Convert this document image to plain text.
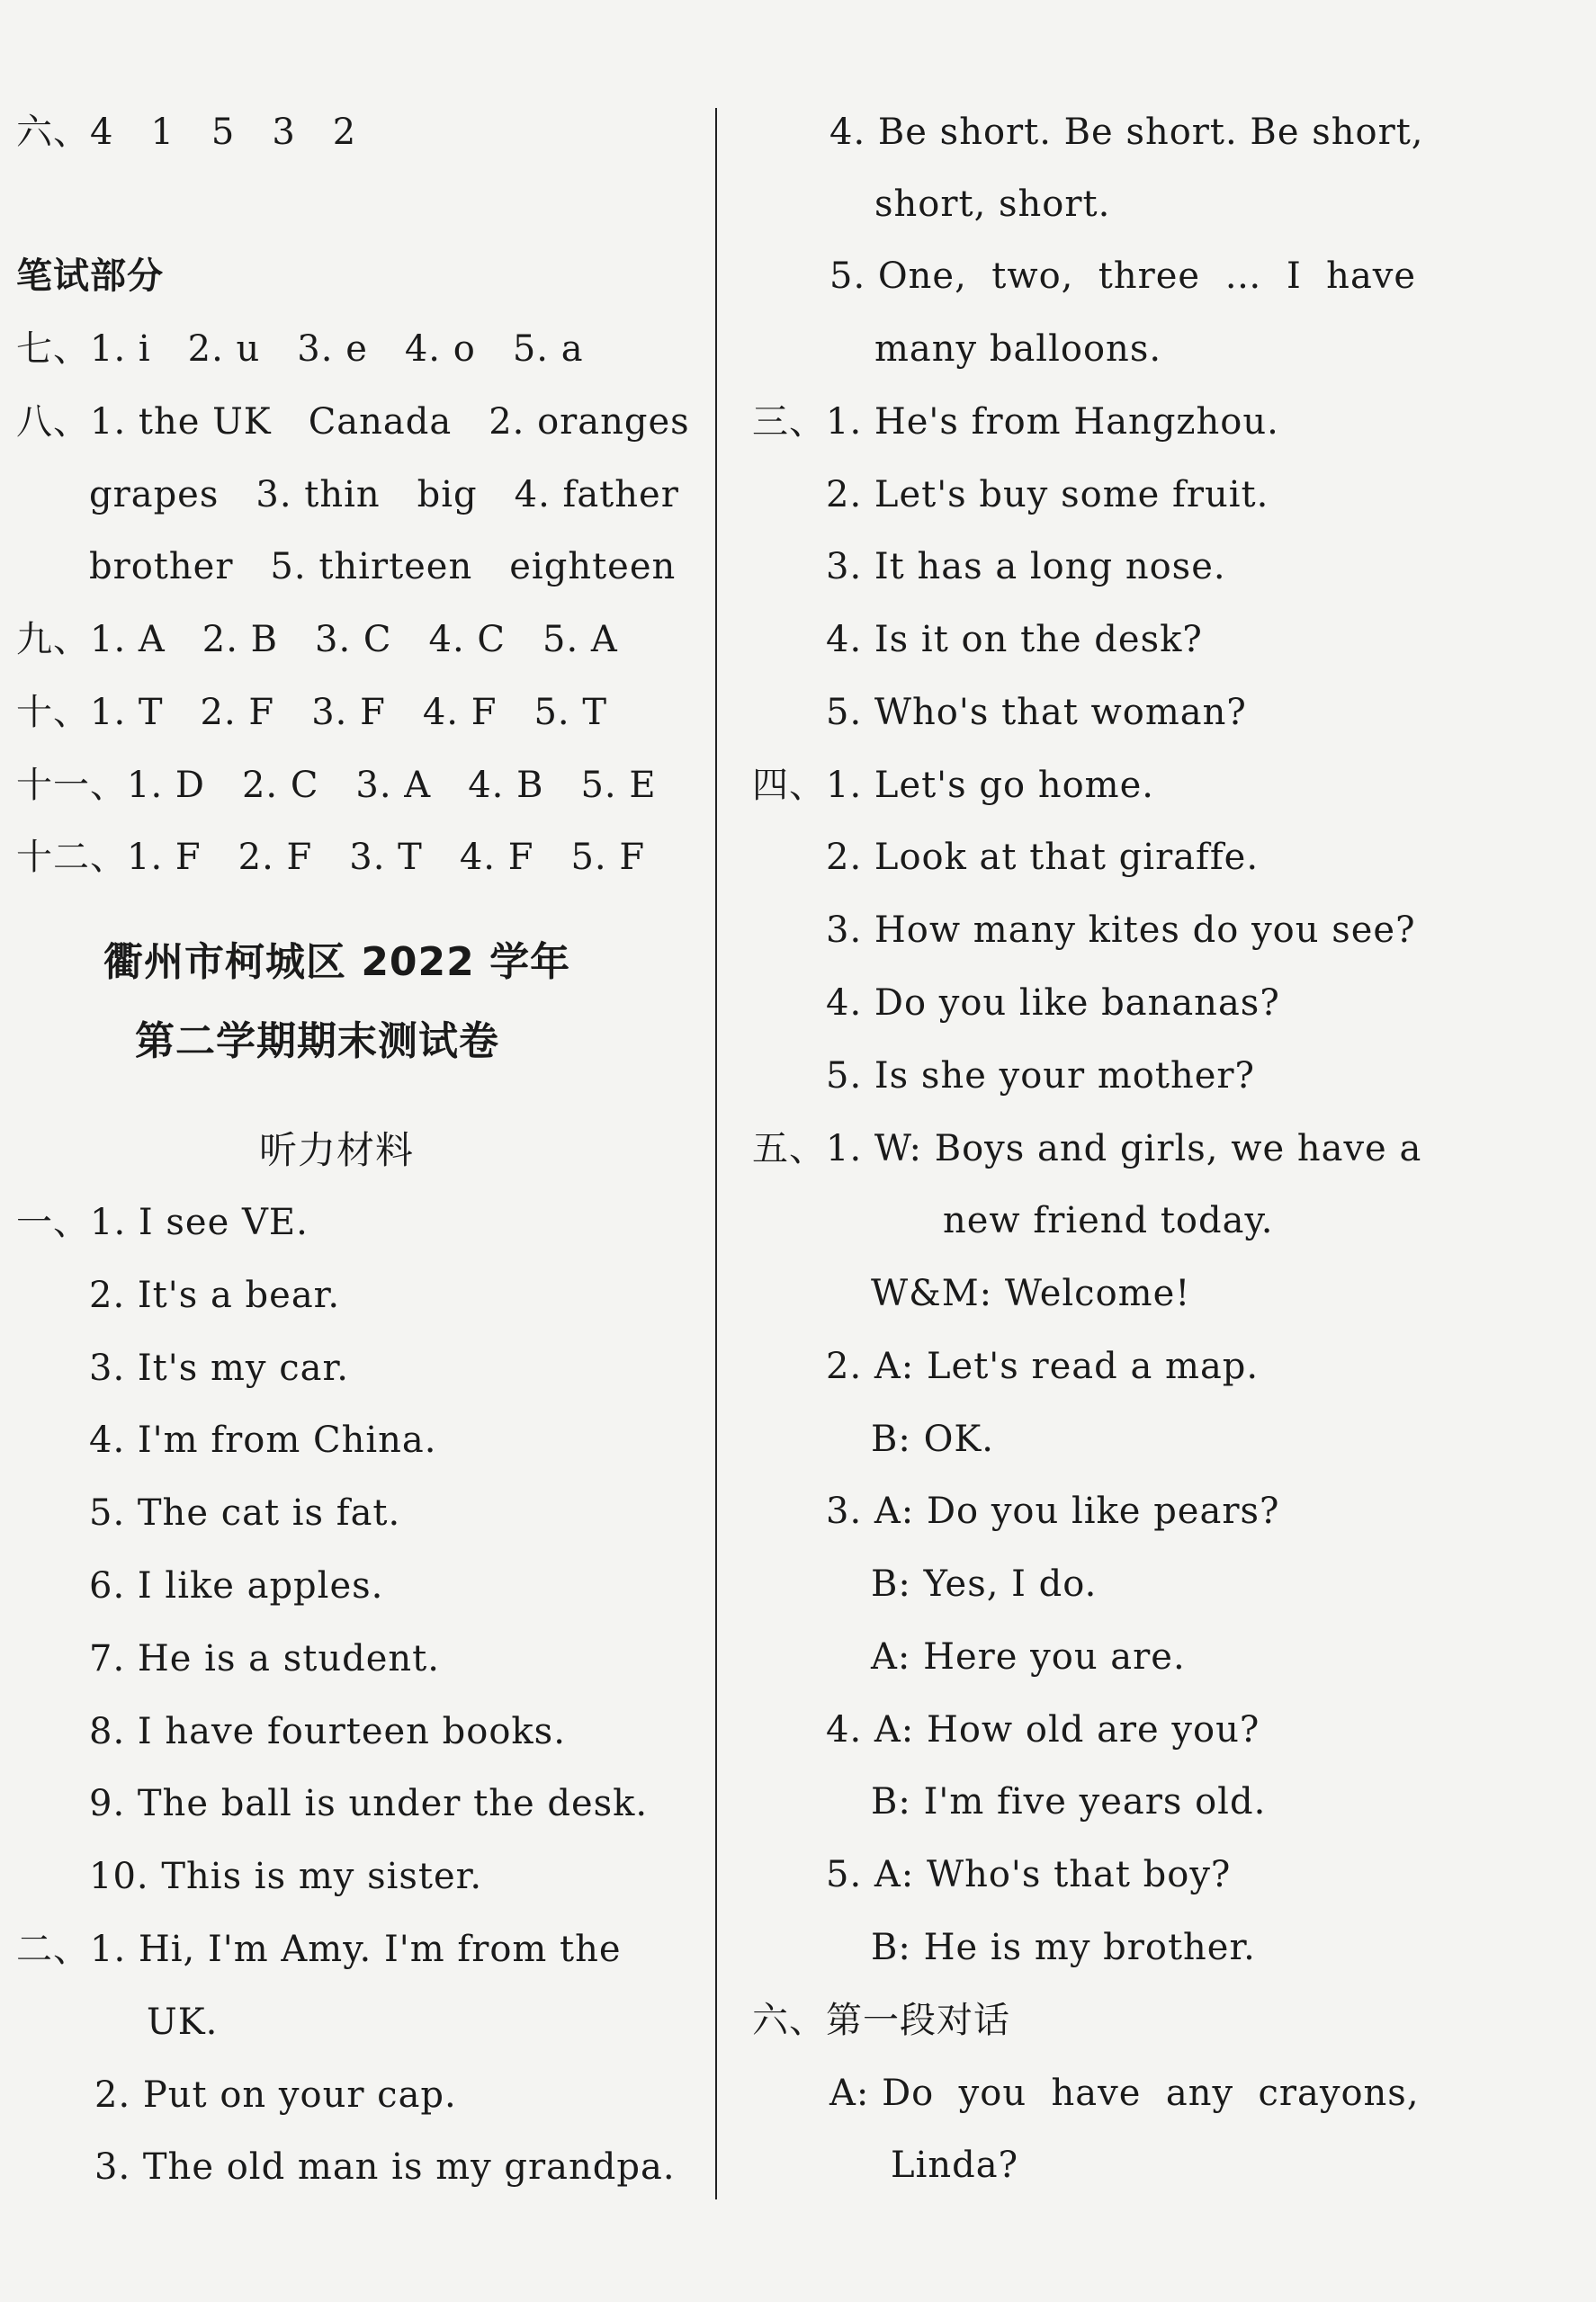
六、4　1　5　3　2
笔试部分
七、1. i　2. u　3. e　4. o　5. a
八、1. the UK　Canada　2. oranges
grapes　3. thin　big　4. father
brother　5. thirteen　eighteen
九、1. A　2. B　3. C　4. C　5. A
十、1. T　2. F　3. F　4. F　5. T
十一、1. D　2. C　3. A　4. B　5. E
十二、1. F　2. F　3. T　4. F　5. F
衢州市柯城区 2022 学年
第二学期期末测试卷
听力材料
一、1. I see VE.
2. It's a bear.
3. It's my car.
4. I'm from China.
5. The cat is fat.
6. I like apples.
7. He is a student.
8. I have fourteen books.
9. The ball is under the desk.
10. This is my sister.
二、1. Hi, I'm Amy. I'm from the
UK.
2. Put on your cap.
3. The old man is my grandpa.
4. Be short. Be short. Be short,
short, short.
5. One,  two,  three  …  I  have
many balloons.
三、1. He's from Hangzhou.
2. Let's buy some fruit.
3. It has a long nose.
4. Is it on the desk?
5. Who's that woman?
四、1. Let's go home.
2. Look at that giraffe.
3. How many kites do you see?
4. Do you like bananas?
5. Is she your mother?
五、1. W: Boys and girls, we have a
new friend today.
W&M: Welcome!
2. A: Let's read a map.
B: OK.
3. A: Do you like pears?
B: Yes, I do.
A: Here you are.
4. A: How old are you?
B: I'm five years old.
5. A: Who's that boy?
B: He is my brother.
六、第一段对话
A: Do  you  have  any  crayons,
Linda?
